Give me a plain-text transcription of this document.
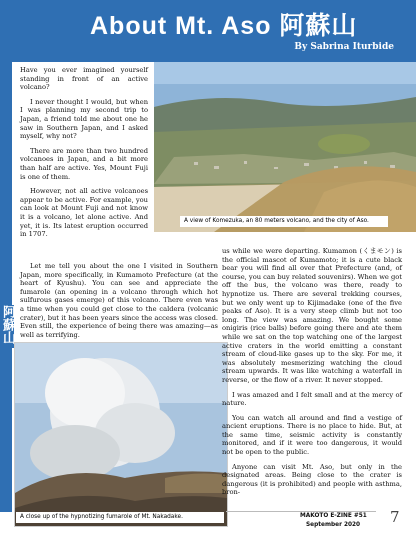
About Mt. Aso 阿蘇山
By Sabrina Iturbide
阿蘇山

Have you ever imagined yourself standing in front of an active volcano?

I never thought I would, but when I was planning my second trip to Japan, a friend told me about one he saw in Southern Japan, and I asked myself, why not?

There are more than two hundred volcanoes in Japan, and a bit more than half are active. Yes, Mount Fuji is one of them.

However, not all active volcanoes appear to be active. For example, you can look at Mount Fuji and not know it is a volcano, let alone active. And yet, it is. Its latest eruption occurred in 1707.

A view of Komezuka, an 80 meters volcano, and the city of Aso.

Let me tell you about the one I visited in Southern Japan, more specifically, in Kumamoto Prefecture (at the heart of Kyushu). You can see and appreciate the fumarole (an opening in a volcano through which hot sulfurous gases emerge) of this volcano. There even was a time when you could get close to the caldera (volcanic crater), but it has been years since the access was closed. Even still, the experience of being there was amazing—as well as terrifying.

A close up of the hypnotizing fumarole of Mt. Nakadake.

us while we were departing. Kumamon (くまモン) is the official mascot of Kumamoto; it is a cute black bear you will find all over that Prefecture (and, of course, you can buy related souvenirs). When we got off the bus, the volcano was there, ready to hypnotize us. There are several trekking courses, but we only went up to Kijimadake (one of the five peaks of Aso). It is a very steep climb but not too long. The view was amazing. We bought some onigiris (rice balls) before going there and ate them while we sat on the top watching one of the largest active craters in the world emitting a constant stream of cloud-like gases up to the sky. For me, it was absolutely mesmerizing watching the cloud stream upwards. It was like watching a waterfall in reverse, or the flow of a river. It never stopped.

I was amazed and I felt small and at the mercy of nature.

You can watch all around and find a vestige of ancient eruptions. There is no place to hide. But, at the same time, seismic activity is constantly monitored, and if it were too dangerous, it would not be open to the public.

Anyone can visit Mt. Aso, but only in the designated areas. Being close to the crater is dangerous (it is prohibited) and people with asthma, bron-

MAKOTO E-ZINE #51
September 2020 7
